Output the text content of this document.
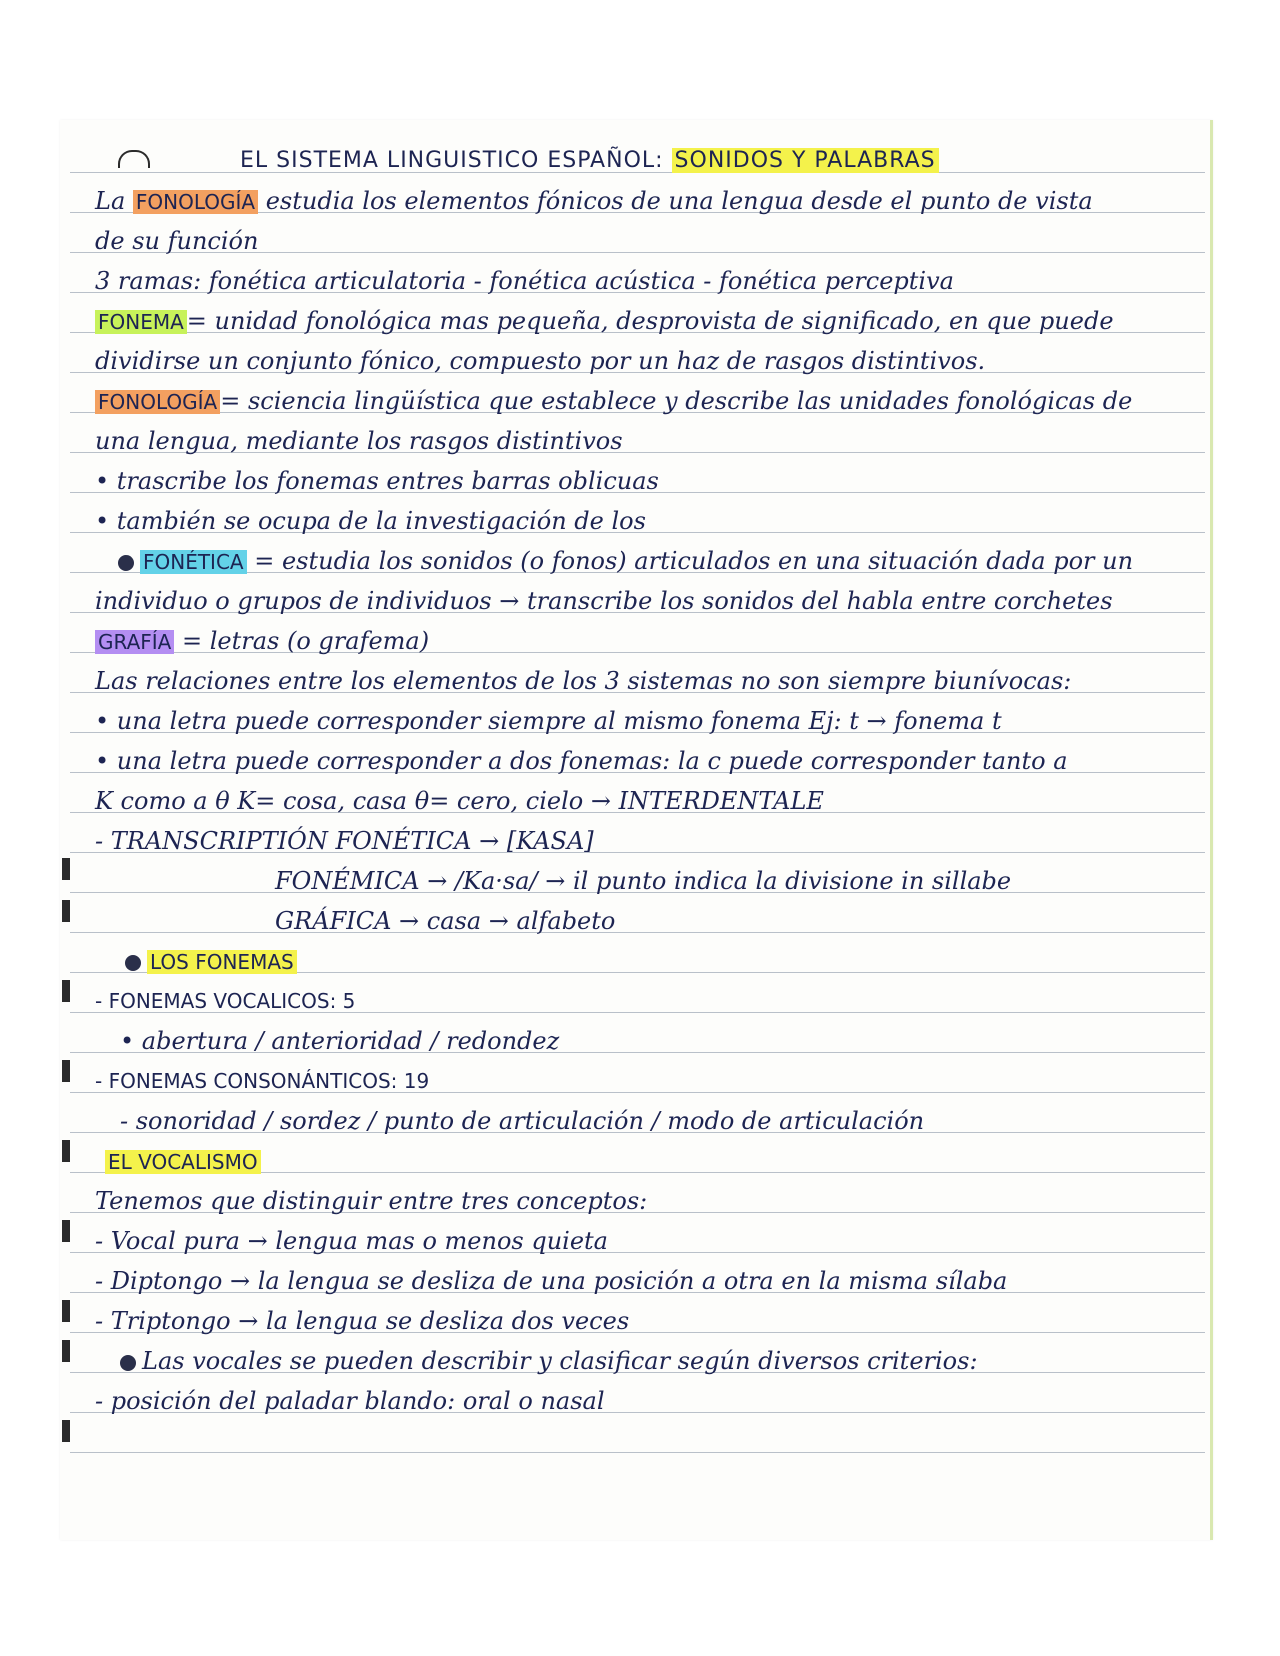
EL SISTEMA LINGUISTICO ESPAÑOL: SONIDOS Y PALABRAS
La FONOLOGÍA estudia los elementos fónicos de una lengua desde el punto de vista
de su función
3 ramas: fonética articulatoria - fonética acústica - fonética perceptiva
FONEMA = unidad fonológica mas pequeña, desprovista de significado, en que puede
dividirse un conjunto fónico, compuesto por un haz de rasgos distintivos.
FONOLOGÍA = sciencia lingüística que establece y describe las unidades fonológicas de
una lengua, mediante los rasgos distintivos
• trascribe los fonemas entres barras oblicuas
• también se ocupa de la investigación de los
FONÉTICA = estudia los sonidos (o fonos) articulados en una situación dada por un
individuo o grupos de individuos → transcribe los sonidos del habla entre corchetes
GRAFÍA = letras (o grafema)
Las relaciones entre los elementos de los 3 sistemas no son siempre biunívocas:
• una letra puede corresponder siempre al mismo fonema Ej: t → fonema t
• una letra puede corresponder a dos fonemas: la c puede corresponder tanto a
K como a θ K= cosa, casa θ= cero, cielo → INTERDENTALE
- TRANSCRIPTIÓN FONÉTICA → [KASA]
FONÉMICA → /Ka·sa/ → il punto indica la divisione in sillabe
GRÁFICA → casa → alfabeto
LOS FONEMAS
- FONEMAS VOCALICOS: 5
• abertura / anterioridad / redondez
- FONEMAS CONSONÁNTICOS: 19
- sonoridad / sordez / punto de articulación / modo de articulación
EL VOCALISMO
Tenemos que distinguir entre tres conceptos:
- Vocal pura → lengua mas o menos quieta
- Diptongo → la lengua se desliza de una posición a otra en la misma sílaba
- Triptongo → la lengua se desliza dos veces
Las vocales se pueden describir y clasificar según diversos criterios:
- posición del paladar blando: oral o nasal
